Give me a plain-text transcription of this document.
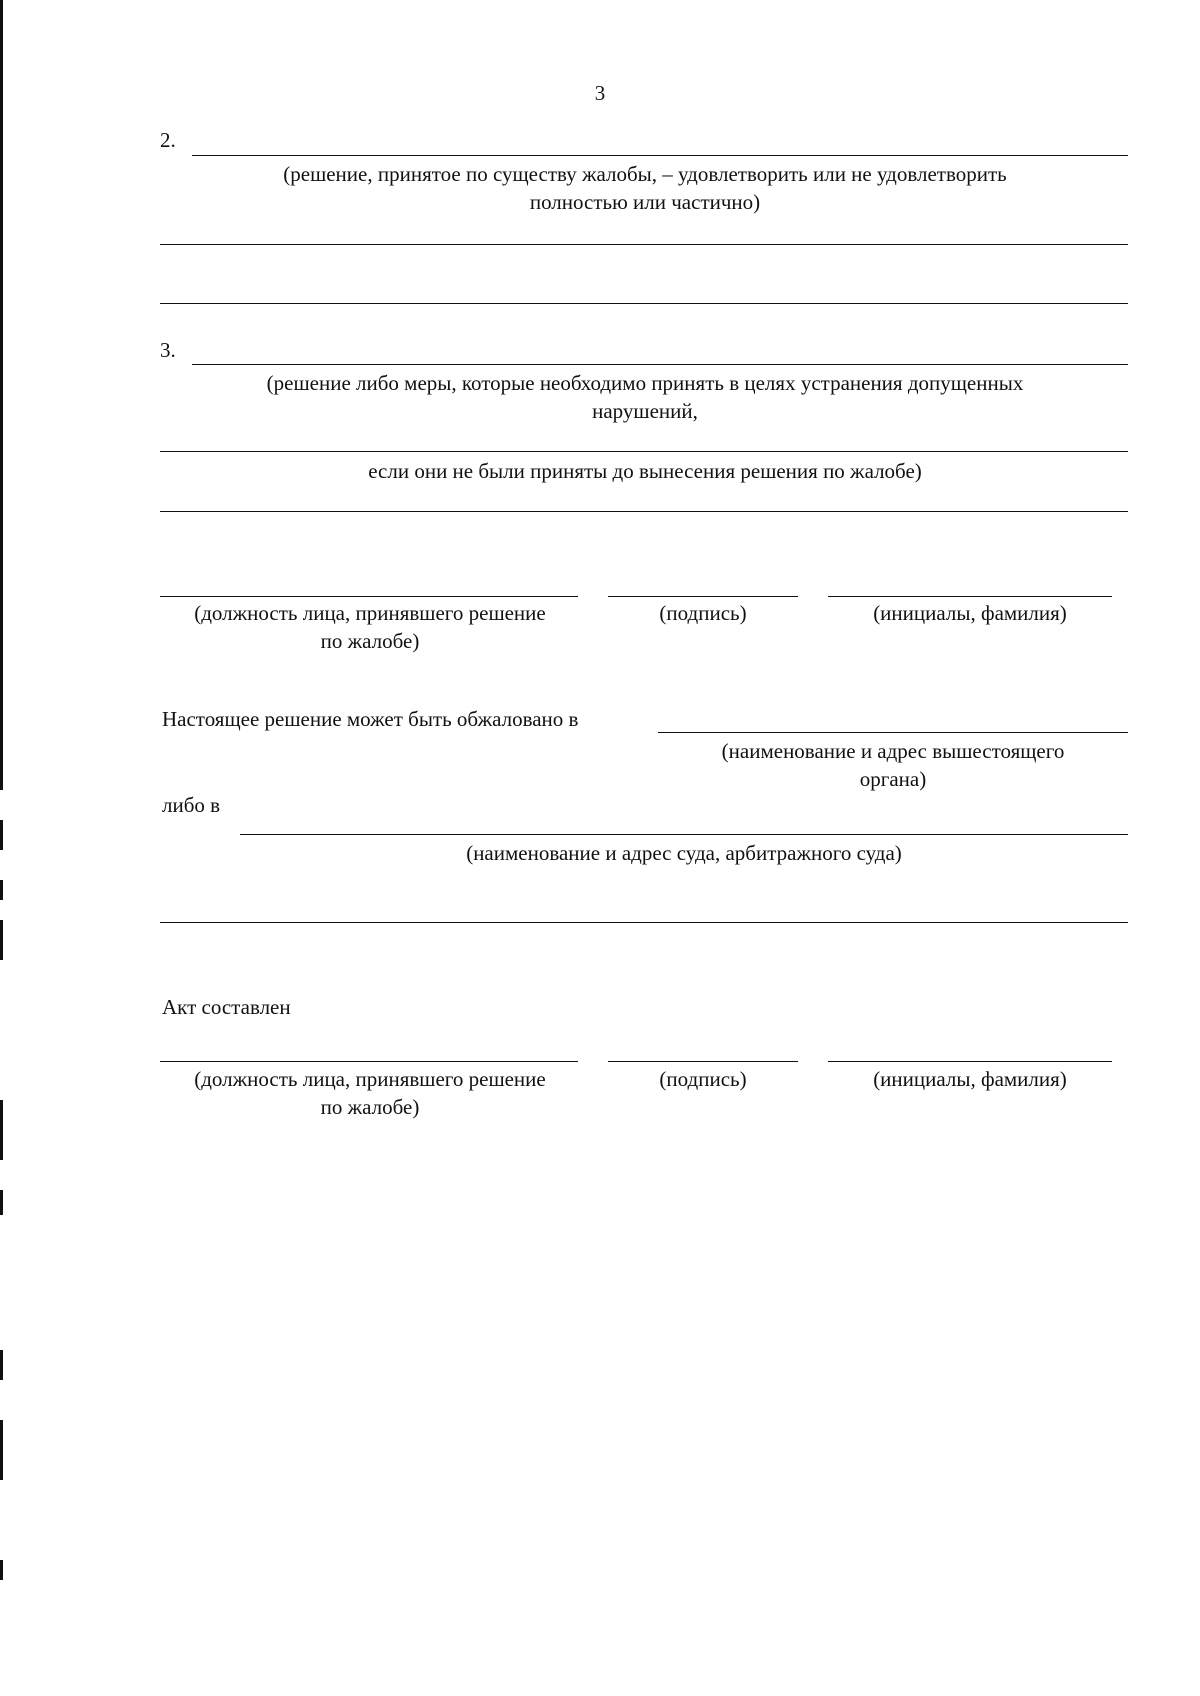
3
2.
(решение, принятое по существу жалобы, – удовлетворить или не удовлетворить
полностью или частично)
3.
(решение либо меры, которые необходимо принять в целях устранения допущенных
нарушений,
если они не были приняты до вынесения решения по жалобе)
(должность лица, принявшего решение
по жалобе)
(подпись)	(инициалы, фамилия)
Настоящее решение может быть обжаловано в
(наименование и адрес вышестоящего
органа)
либо в
(наименование и адрес суда, арбитражного суда)
Акт составлен
(должность лица, принявшего решение
по жалобе)
(подпись)	(инициалы, фамилия)
